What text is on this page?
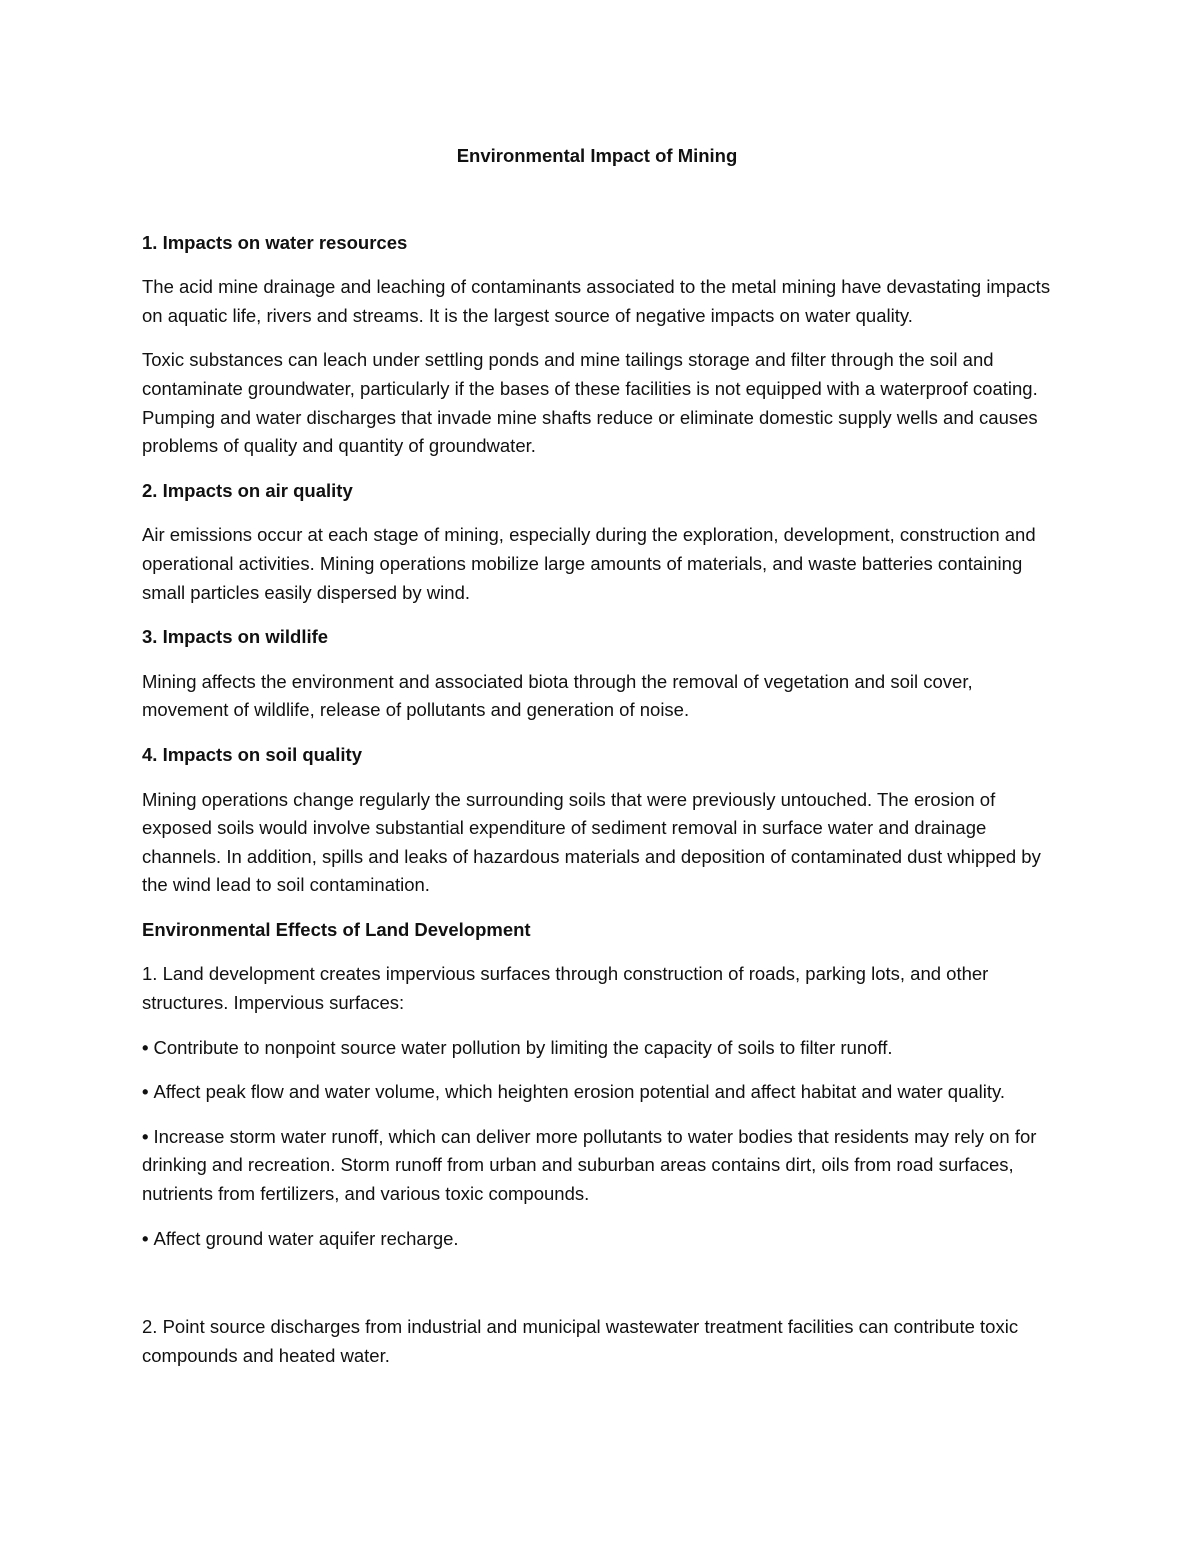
Environmental Impact of Mining
1. Impacts on water resources

The acid mine drainage and leaching of contaminants associated to the metal mining have devastating impacts on aquatic life, rivers and streams. It is the largest source of negative impacts on water quality.

Toxic substances can leach under settling ponds and mine tailings storage and filter through the soil and contaminate groundwater, particularly if the bases of these facilities is not equipped with a waterproof coating. Pumping and water discharges that invade mine shafts reduce or eliminate domestic supply wells and causes problems of quality and quantity of groundwater.

2. Impacts on air quality

Air emissions occur at each stage of mining, especially during the exploration, development, construction and operational activities. Mining operations mobilize large amounts of materials, and waste batteries containing small particles easily dispersed by wind.

3. Impacts on wildlife

Mining affects the environment and associated biota through the removal of vegetation and soil cover, movement of wildlife, release of pollutants and generation of noise.

4. Impacts on soil quality

Mining operations change regularly the surrounding soils that were previously untouched. The erosion of exposed soils would involve substantial expenditure of sediment removal in surface water and drainage channels. In addition, spills and leaks of hazardous materials and deposition of contaminated dust whipped by the wind lead to soil contamination.

Environmental Effects of Land Development

1. Land development creates impervious surfaces through construction of roads, parking lots, and other structures. Impervious surfaces:

• Contribute to nonpoint source water pollution by limiting the capacity of soils to filter runoff.

• Affect peak flow and water volume, which heighten erosion potential and affect habitat and water quality.

• Increase storm water runoff, which can deliver more pollutants to water bodies that residents may rely on for drinking and recreation. Storm runoff from urban and suburban areas contains dirt, oils from road surfaces, nutrients from fertilizers, and various toxic compounds.

• Affect ground water aquifer recharge.

2. Point source discharges from industrial and municipal wastewater treatment facilities can contribute toxic compounds and heated water.
